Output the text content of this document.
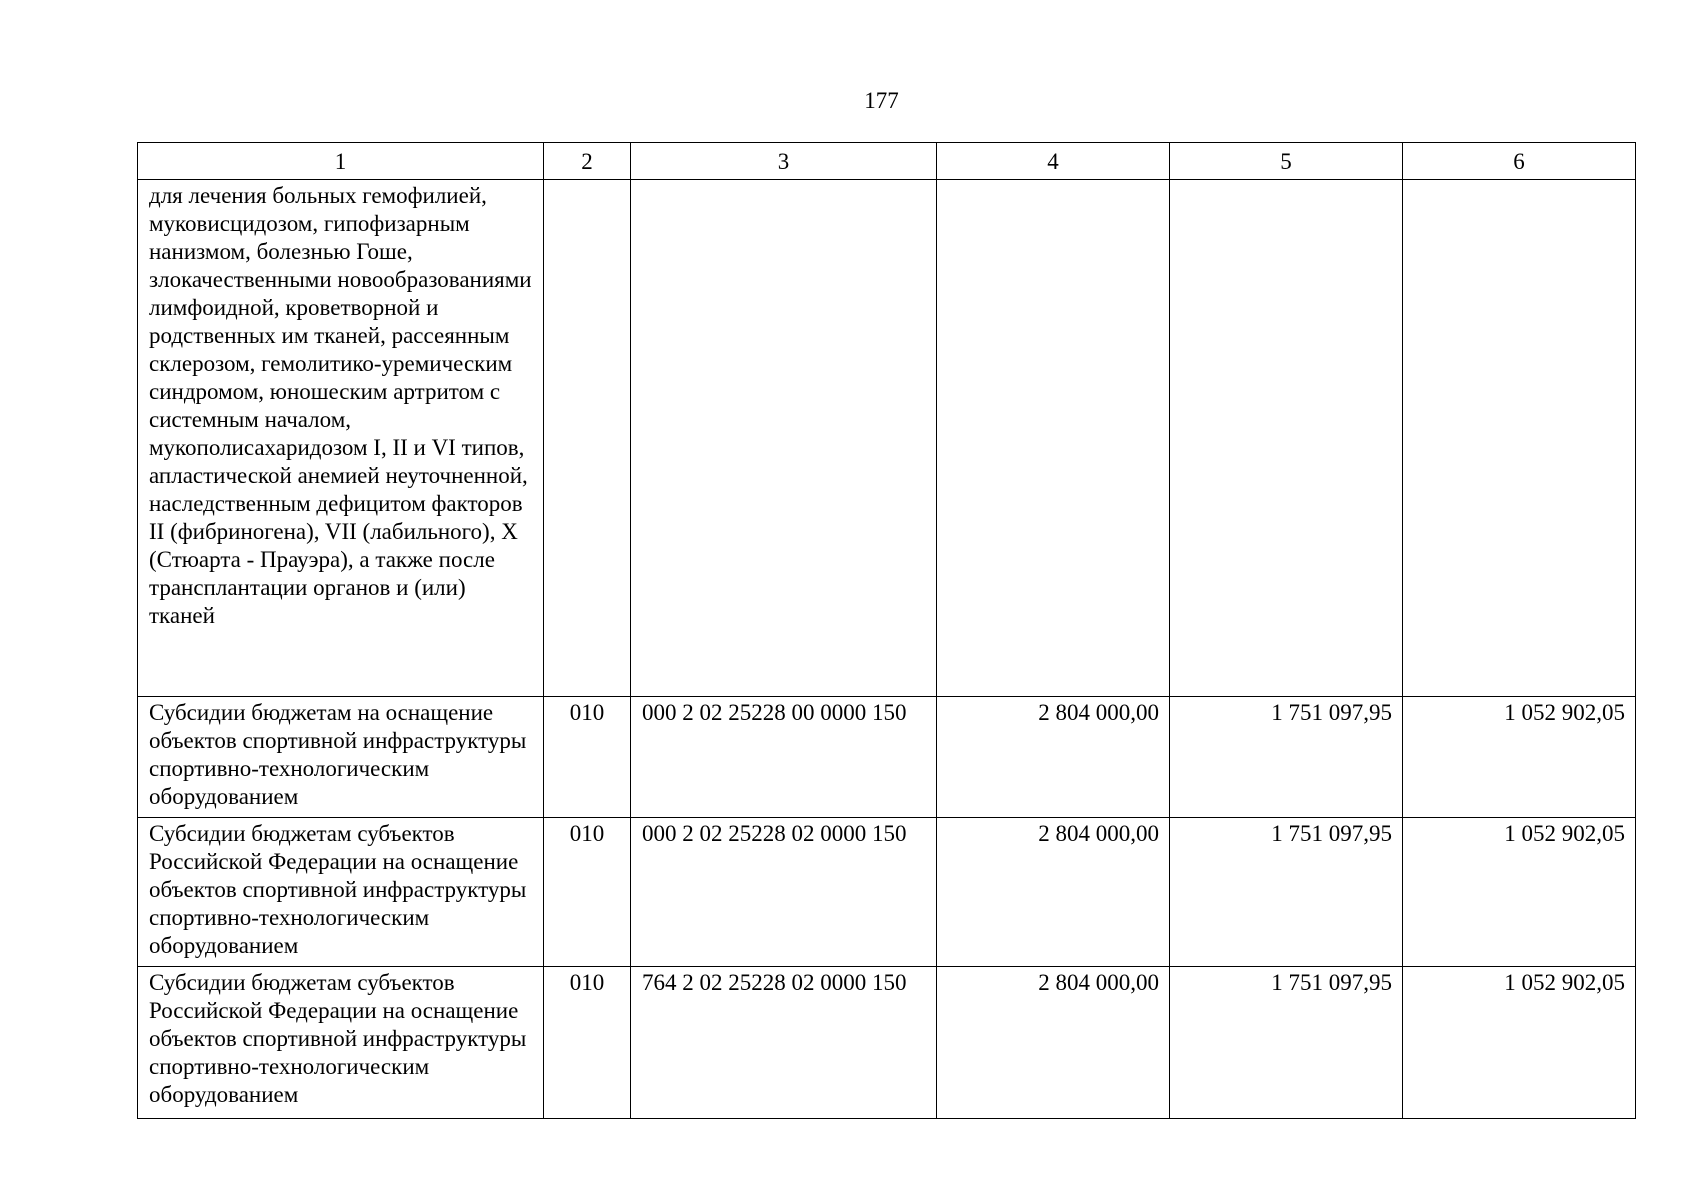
177
1	2	3	4	5	6
для лечения больных гемофилией, муковисцидозом, гипофизарным нанизмом, болезнью Гоше, злокачественными новообразованиями лимфоидной, кроветворной и родственных им тканей, рассеянным склерозом, гемолитико-уремическим синдромом, юношеским артритом с системным началом, мукополисахаридозом I, II и VI типов, апластической анемией неуточненной, наследственным дефицитом факторов II (фибриногена), VII (лабильного), X (Стюарта - Прауэра), а также после трансплантации органов и (или) тканей					
Субсидии бюджетам на оснащение объектов спортивной инфраструктуры спортивно-технологическим оборудованием	010	000 2 02 25228 00 0000 150	2 804 000,00	1 751 097,95	1 052 902,05
Субсидии бюджетам субъектов Российской Федерации на оснащение объектов спортивной инфраструктуры спортивно-технологическим оборудованием	010	000 2 02 25228 02 0000 150	2 804 000,00	1 751 097,95	1 052 902,05
Субсидии бюджетам субъектов Российской Федерации на оснащение объектов спортивной инфраструктуры спортивно-технологическим оборудованием	010	764 2 02 25228 02 0000 150	2 804 000,00	1 751 097,95	1 052 902,05
